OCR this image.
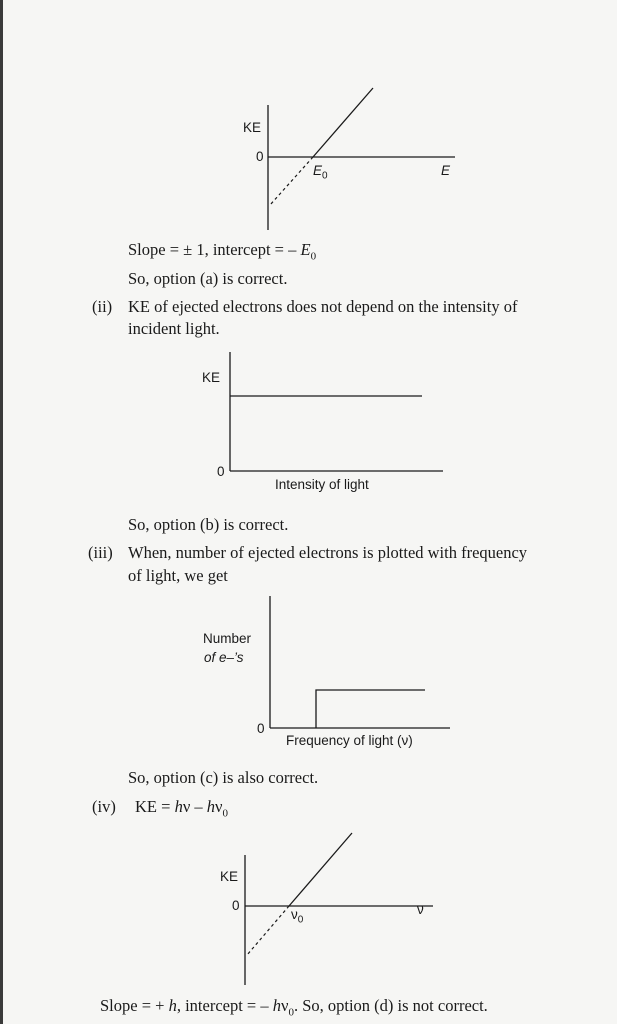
KE
0
$E_0$	E
Slope = ± 1, intercept = – $E_0$
So, option (a) is correct.
(ii) KE of ejected electrons does not depend on the intensity of
incident light.
KE
0
Intensity of light
So, option (b) is correct.
(iii) When, number of ejected electrons is plotted with frequency
of light, we get
Number
of e–’s
0
Frequency of light (ν)
So, option (c) is also correct.
(iv) KE = hν – $h\nu_0$
KE
0
$\nu_0$
ν
Slope = + h, intercept = – $h\nu_0$. So, option (d) is not correct.
